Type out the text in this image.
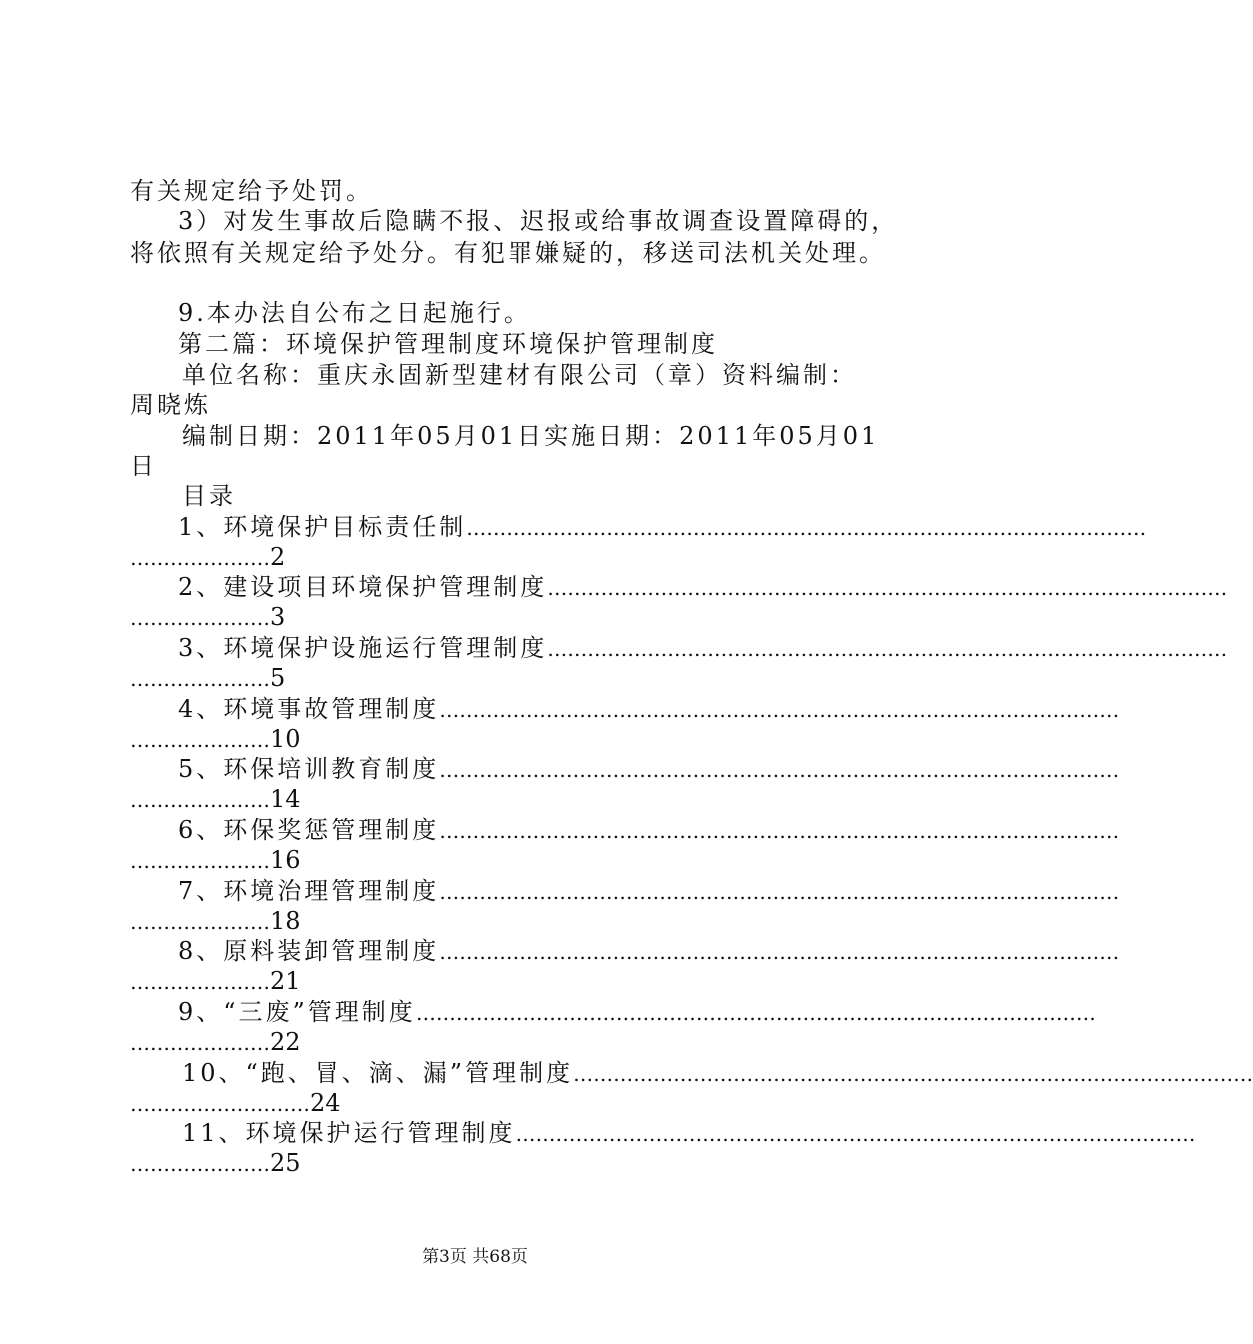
有关规定给予处罚。
3）对发生事故后隐瞒不报、迟报或给事故调查设置障碍的，
将依照有关规定给予处分。有犯罪嫌疑的，移送司法机关处理。
9.本办法自公布之日起施行。
第二篇：环境保护管理制度环境保护管理制度
单位名称：重庆永固新型建材有限公司（章）资料编制：
周晓炼
编制日期：2011年05月01日实施日期：2011年05月01
日
目录
1、环境保护目标责任制 …………………………………………………………………………………………
………………… 2
2、建设项目环境保护管理制度 …………………………………………………………………………………………
………………… 3
3、环境保护设施运行管理制度 …………………………………………………………………………………………
………………… 5
4、环境事故管理制度 …………………………………………………………………………………………
………………… 10
5、环保培训教育制度 …………………………………………………………………………………………
………………… 14
6、环保奖惩管理制度 …………………………………………………………………………………………
………………… 16
7、环境治理管理制度 …………………………………………………………………………………………
………………… 18
8、原料装卸管理制度 …………………………………………………………………………………………
………………… 21
9、“三废”管理制度 …………………………………………………………………………………………
………………… 22
10、“跑、冒、滴、漏”管理制度 …………………………………………………………………………………………
……………………… 24
11、环境保护运行管理制度 …………………………………………………………………………………………
………………… 25
第3页 共68页
